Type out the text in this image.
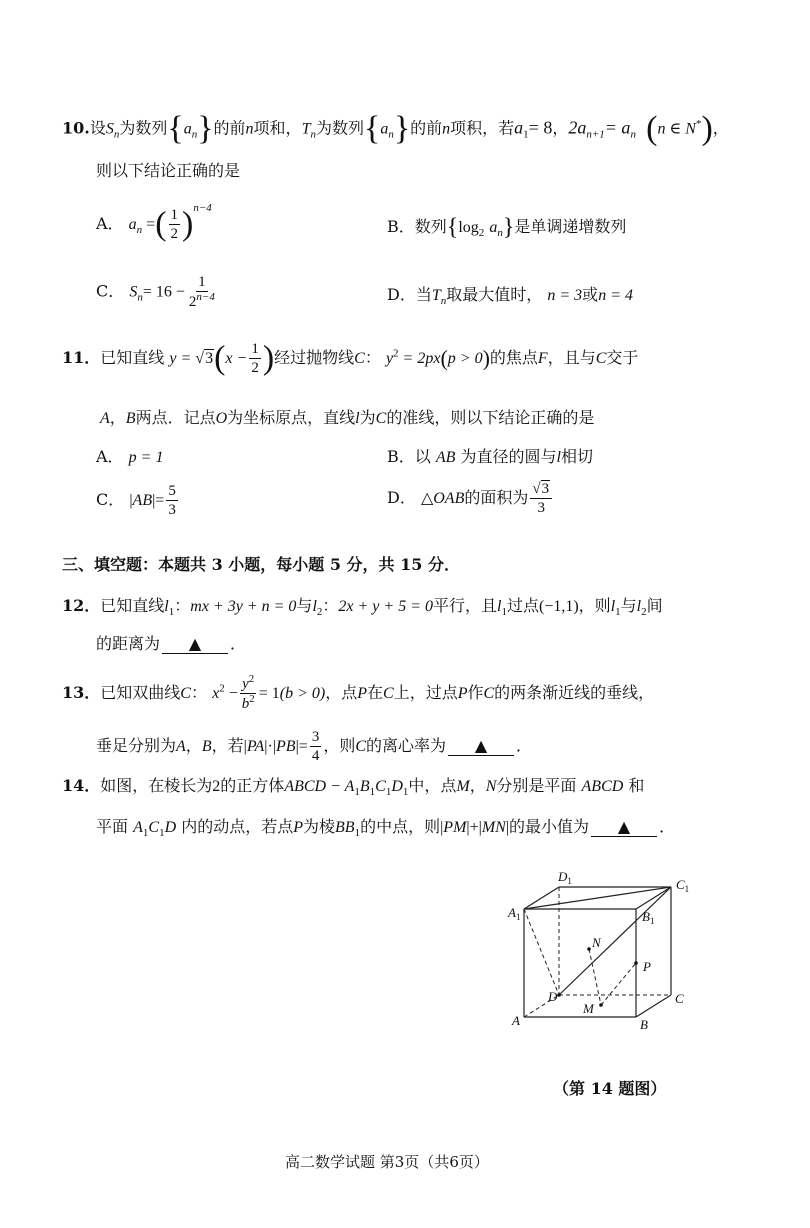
10.设$S_n$为数列$\{a_n\}$的前n项和，$T_n$为数列$\{a_n\}$的前n项积，若$a_1= 8$，$2a_{n+1}= a_n$ (n ∈ N*)，
则以下结论正确的是
A． $a_n$ =( $\frac{1}{2} )^{n-4}$
B．数列{$\log_2$ $a_n$}是单调递增数列
C． $S_n= 16 - \frac{1}{2^{n-4}}$	D．当$T_n$取最大值时， n = 3或n = 4
11．已知直线 $y = √3(x - \frac{1}{2}$ )经过抛物线C： $y^2 = 2px(p > 0)$的焦点F，且与C交于
A，B两点．记点O为坐标原点，直线l为C的准线，则以下结论正确的是
A． p = 1	B．以 AB 为直径的圆与l相切
C． $|AB|= \frac{5}{3}$	D． △OAB的面积为 $\frac{√3}{3}$
三、填空题：本题共 3 小题，每小题 5 分，共 15 分．
12．已知直线$l_1$：mx + 3y + n = 0与$l_2$：2x + y + 5 = 0平行，且$l_1$过点(−1,1)，则$l_1$与$l_2$间
的距离为 ▲ ．
13．已知双曲线C： $x^2 - \frac{y^2}{b^2} = 1(b > 0)$，点P在C上，过点P作C的两条渐近线的垂线，
垂足分别为A，B，若$|PA|\cdot|PB|= \frac{3}{4}$ ，则C的离心率为 ▲ ．
14．如图，在棱长为2的正方体ABCD − $A_1B_1C_1D_1$中，点M，N分别是平面 ABCD 和
平面 $A_1C_1D$ 内的动点，若点P为棱$BB_1$的中点，则|PM|+|MN|的最小值为 ▲ ．
$D_1$	$C_1$
$A_1$	$B_1$
N
P
D	C
M
A	B
（第 14 题图）
高二数学试题 第3页（共6页）
